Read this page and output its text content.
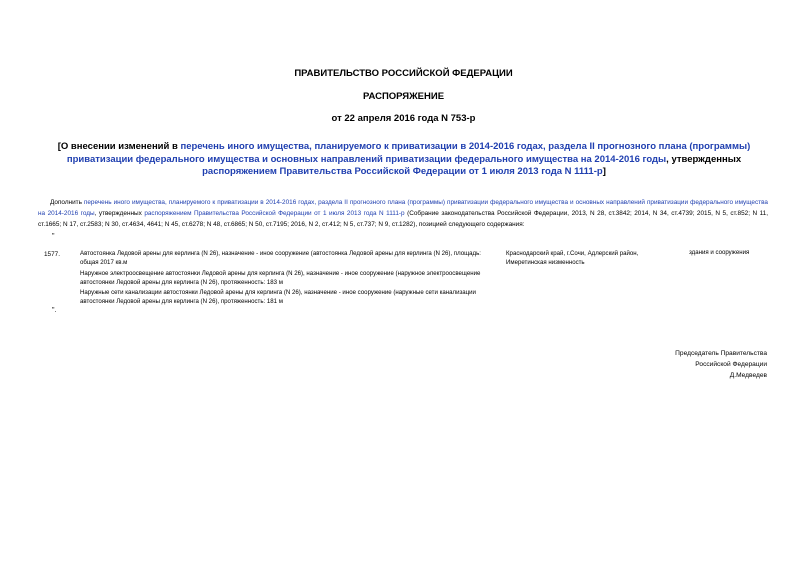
ПРАВИТЕЛЬСТВО РОССИЙСКОЙ ФЕДЕРАЦИИ
РАСПОРЯЖЕНИЕ
от 22 апреля 2016 года N 753-р
[О внесении изменений в перечень иного имущества, планируемого к приватизации в 2014-2016 годах, раздела II прогнозного плана (программы) приватизации федерального имущества и основных направлений приватизации федерального имущества на 2014-2016 годы, утвержденных распоряжением Правительства Российской Федерации от 1 июля 2013 года N 1111-р]
Дополнить перечень иного имущества, планируемого к приватизации в 2014-2016 годах, раздела II прогнозного плана (программы) приватизации федерального имущества и основных направлений приватизации федерального имущества на 2014-2016 годы, утвержденных распоряжением Правительства Российской Федерации от 1 июля 2013 года N 1111-р (Собрание законодательства Российской Федерации, 2013, N 28, ст.3842; 2014, N 34, ст.4739; 2015, N 5, ст.852; N 11, ст.1665; N 17, ст.2583; N 30, ст.4634, 4641; N 45, ст.6278; N 48, ст.6865; N 50, ст.7195; 2016, N 2, ст.412; N 5, ст.737; N 9, ст.1282), позицией следующего содержания:
"
1577.	Автостоянка Ледовой арены для керлинга (N 26), назначение - иное сооружение (автостоянка Ледовой арены для керлинга (N 26), площадь: общая 2017 кв.м
Наружное электроосвещение автостоянки Ледовой арены для керлинга (N 26), назначение - иное сооружение (наружное электроосвещение автостоянки Ледовой арены для керлинга (N 26), протяженность: 183 м
Наружные сети канализации автостоянки Ледовой арены для керлинга (N 26), назначение - иное сооружение (наружные сети канализации автостоянки Ледовой арены для керлинга (N 26), протяженность: 181 м
Краснодарский край, г.Сочи, Адлерский район, Имеретинская низменность
здания и сооружения
".
Председатель Правительства
Российской Федерации
Д.Медведев
